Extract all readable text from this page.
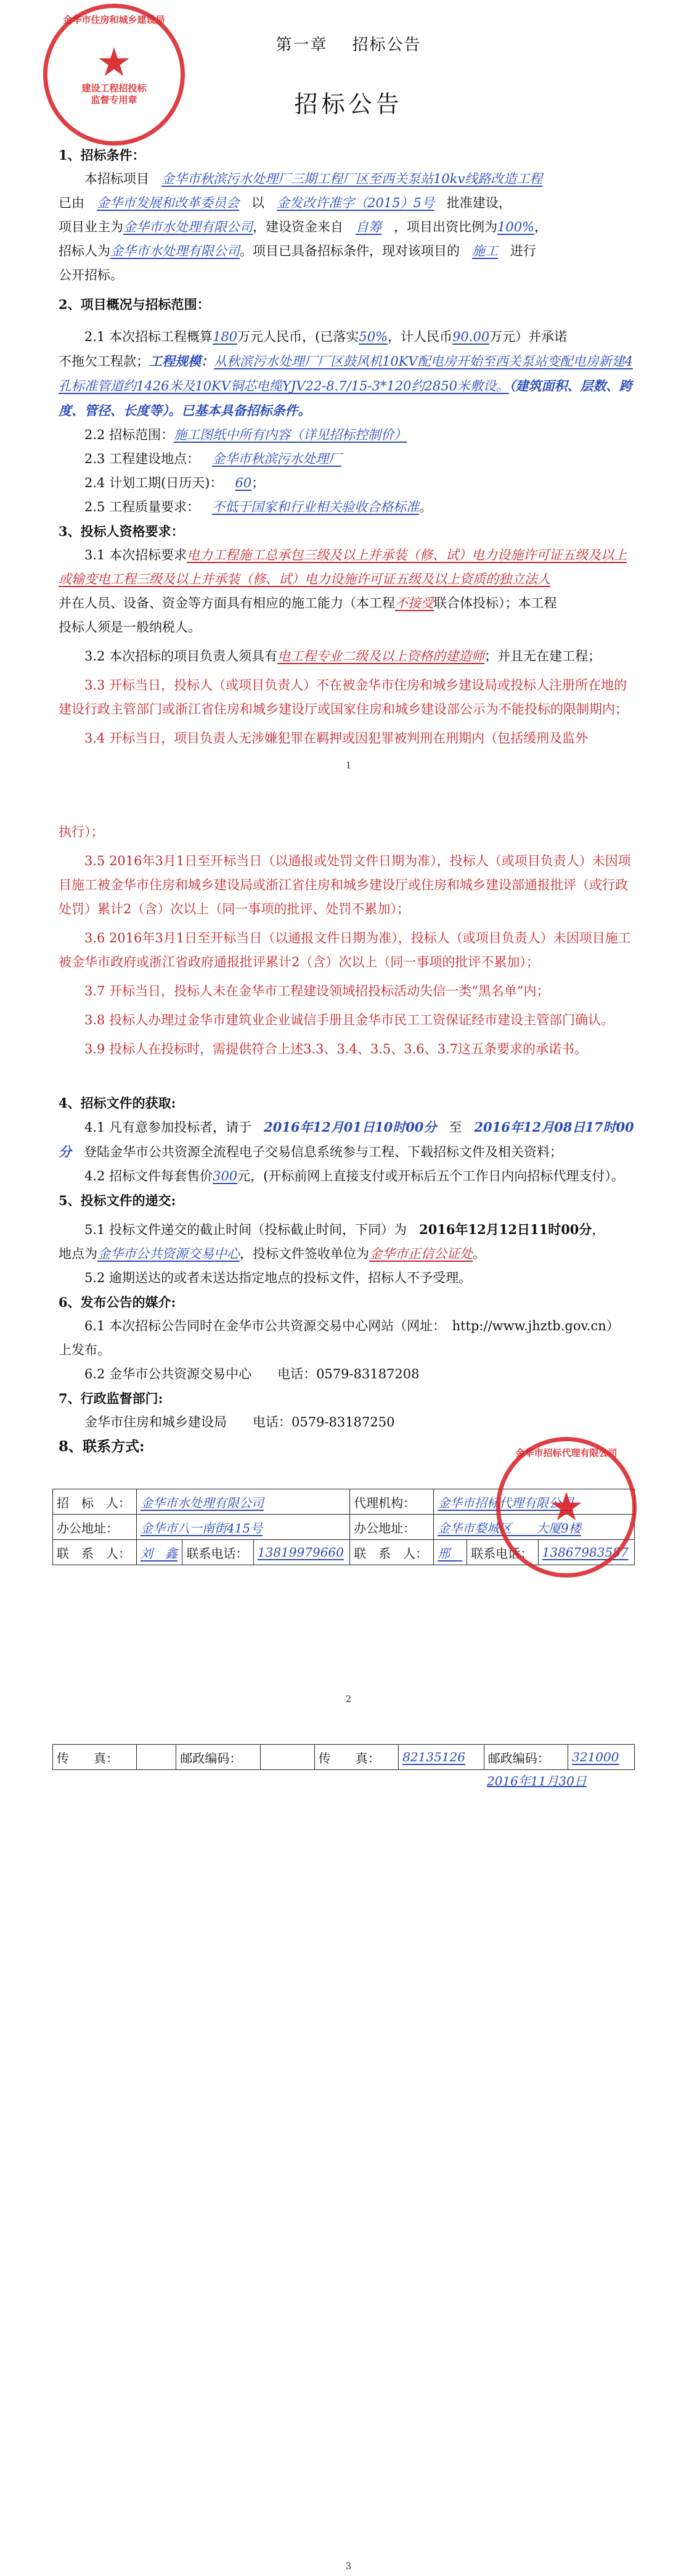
金华市住房和城乡建设局
★
建设工程招投标
监督专用章
第一章 招标公告
招标公告

1、招标条件：

本招标项目 金华市秋滨污水处理厂三期工程厂区至西关泵站10kv线路改造工程

已由 金华市发展和改革委员会 以 金发改许准字（2015）5号 批准建设，

项目业主为金华市水处理有限公司，建设资金来自 自筹 ，项目出资比例为100%，

招标人为金华市水处理有限公司。项目已具备招标条件，现对该项目的 施工 进行

公开招标。

2、项目概况与招标范围：

2.1 本次招标工程概算180万元人民币，(已落实50%，计人民币90.00万元）并承诺

不拖欠工程款；工程规模：从秋滨污水处理厂厂区鼓风机10KV配电房开始至西关泵站变配电房新建4孔标准管道约1426米及10KV铜芯电缆YJV22-8.7/15-3*120约2850米敷设。（建筑面积、层数、跨度、管径、长度等）。已基本具备招标条件。

2.2 招标范围：施工图纸中所有内容（详见招标控制价）

2.3 工程建设地点： 金华市秋滨污水处理厂

2.4 计划工期(日历天)： 60；

2.5 工程质量要求： 不低于国家和行业相关验收合格标准。

3、投标人资格要求：

3.1 本次招标要求电力工程施工总承包三级及以上并承装（修、试）电力设施许可证五级及以上或输变电工程三级及以上并承装（修、试）电力设施许可证五级及以上资质的独立法人

并在人员、设备、资金等方面具有相应的施工能力（本工程不接受联合体投标）；本工程

投标人须是一般纳税人。

3.2 本次招标的项目负责人须具有电工程专业二级及以上资格的建造师；并且无在建工程；

3.3 开标当日，投标人（或项目负责人）不在被金华市住房和城乡建设局或投标人注册所在地的建设行政主管部门或浙江省住房和城乡建设厅或国家住房和城乡建设部公示为不能投标的限制期内；

3.4 开标当日，项目负责人无涉嫌犯罪在羁押或因犯罪被判刑在刑期内（包括缓刑及监外

1

执行）；

3.5 2016年3月1日至开标当日（以通报或处罚文件日期为准），投标人（或项目负责人）未因项目施工被金华市住房和城乡建设局或浙江省住房和城乡建设厅或住房和城乡建设部通报批评（或行政处罚）累计2（含）次以上（同一事项的批评、处罚不累加）；

3.6 2016年3月1日至开标当日（以通报文件日期为准），投标人（或项目负责人）未因项目施工被金华市政府或浙江省政府通报批评累计2（含）次以上（同一事项的批评不累加）；

3.7 开标当日，投标人未在金华市工程建设领域招投标活动失信一类“黑名单”内；

3.8 投标人办理过金华市建筑业企业诚信手册且金华市民工工资保证经市建设主管部门确认。

3.9 投标人在投标时，需提供符合上述3.3、3.4、3.5、3.6、3.7这五条要求的承诺书。

4、招标文件的获取:

4.1 凡有意参加投标者，请于 2016年12月01日10时00分 至 2016年12月08日17时00分 登陆金华市公共资源全流程电子交易信息系统参与工程、下载招标文件及相关资料；

4.2 招标文件每套售价300元，(开标前网上直接支付或开标后五个工作日内向招标代理支付）。

5、投标文件的递交:

5.1 投标文件递交的截止时间（投标截止时间，下同）为 2016年12月12日11时00分，

地点为金华市公共资源交易中心，投标文件签收单位为金华市正信公证处。

5.2 逾期送达的或者未送达指定地点的投标文件，招标人不予受理。

6、发布公告的媒介:

6.1 本次招标公告同时在金华市公共资源交易中心网站（网址：　http://www.jhztb.gov.cn）

上发布。

6.2 金华市公共资源交易中心　　电话：0579-83187208

7、行政监督部门:

金华市住房和城乡建设局　　电话：0579-83187250

8、联系方式:

招　标　人：	金华市水处理有限公司			代理机构：	金华市招标代理有限公司		
办公地址：	金华市八一南街415号			办公地址：	金华市婺城区　　大厦9楼		
联　系　人：	刘　鑫	联系电话：	13819979660	联　系　人：	邢　	联系电话：	13867983587
金华市招标代理有限公司
★
2
传　　真：		邮政编码：		传　　真：	82135126	邮政编码：	321000
2016年11月30日
3
